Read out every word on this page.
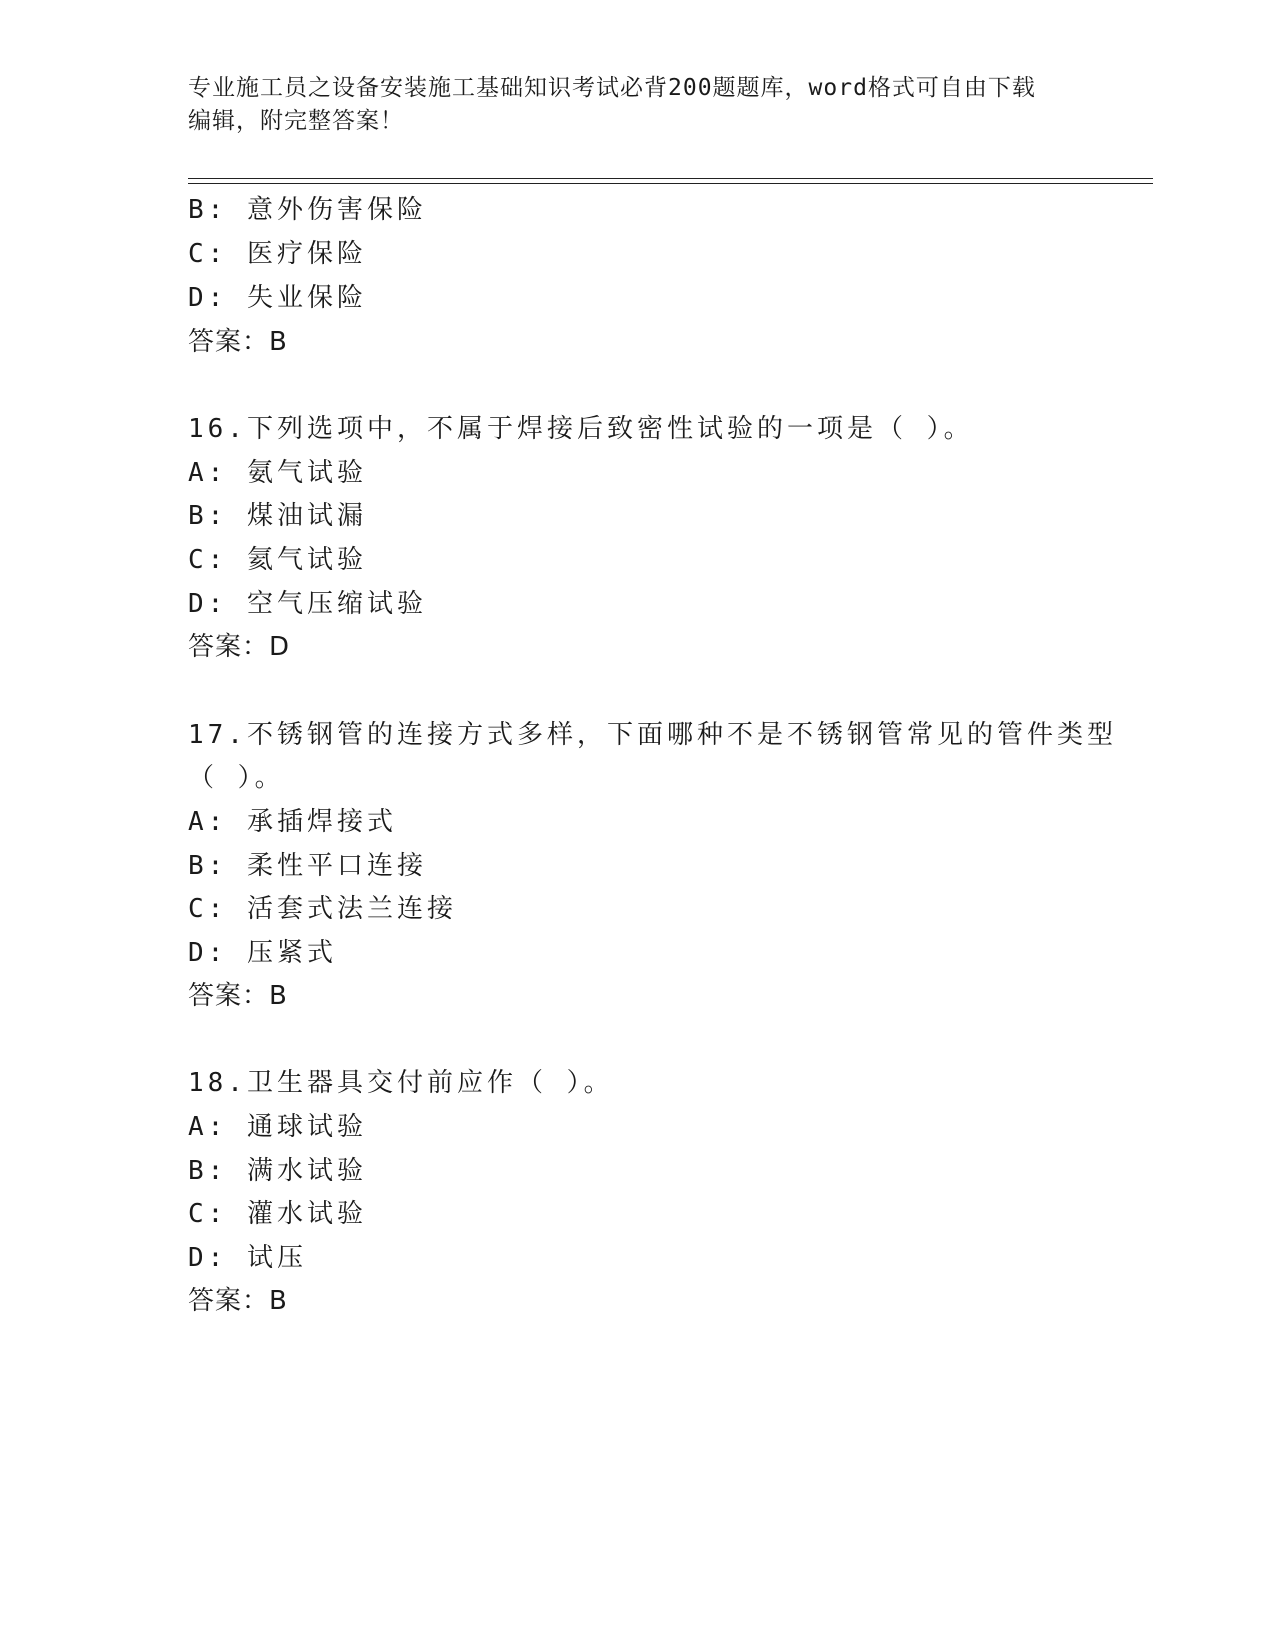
专业施工员之设备安装施工基础知识考试必背200题题库，word格式可自由下载
编辑，附完整答案！
B: 意外伤害保险
C: 医疗保险
D: 失业保险
答案：B
16.下列选项中，不属于焊接后致密性试验的一项是（ ）。
A: 氨气试验
B: 煤油试漏
C: 氦气试验
D: 空气压缩试验
答案：D
17.不锈钢管的连接方式多样，下面哪种不是不锈钢管常见的管件类型
（ ）。
A: 承插焊接式
B: 柔性平口连接
C: 活套式法兰连接
D: 压紧式
答案：B
18.卫生器具交付前应作（ ）。
A: 通球试验
B: 满水试验
C: 灌水试验
D: 试压
答案：B
